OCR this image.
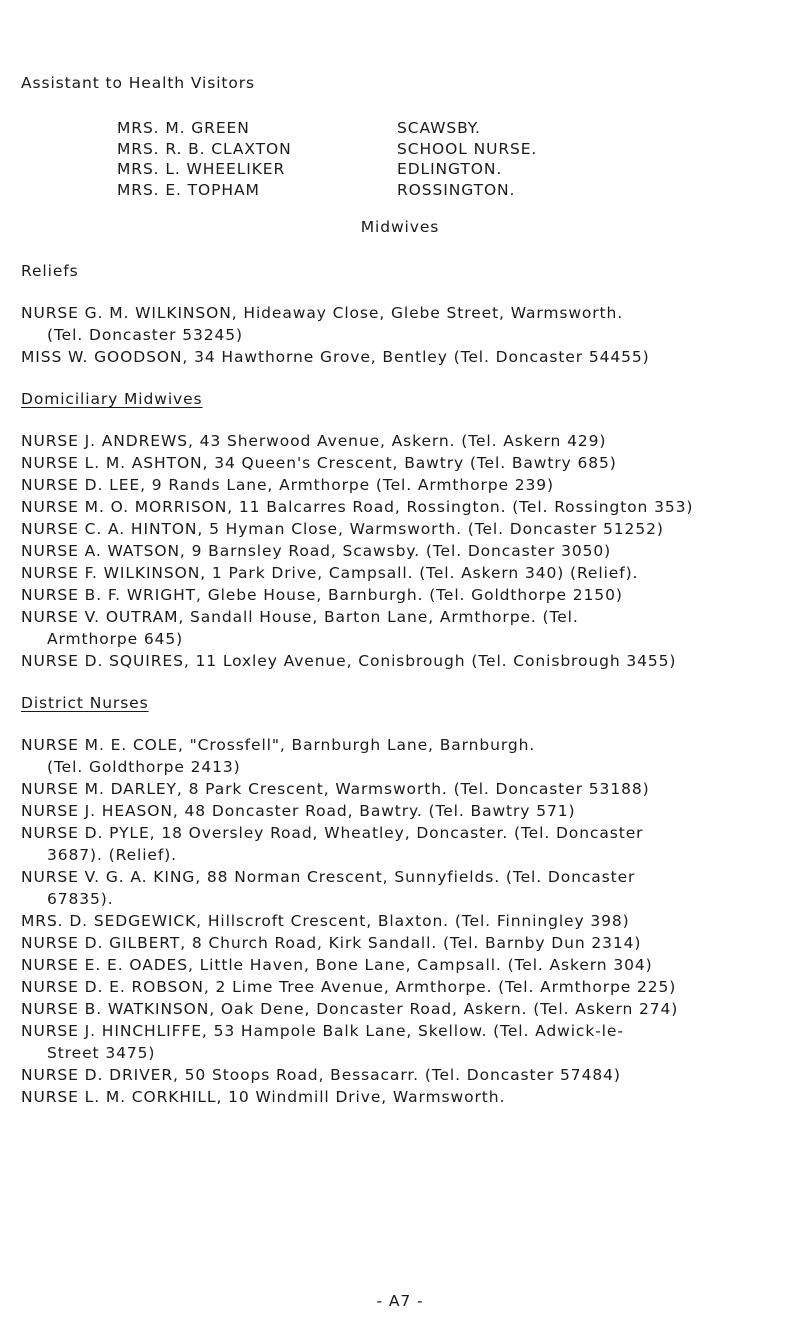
Assistant to Health Visitors
MRS. M. GREEN	SCAWSBY.
MRS. R. B. CLAXTON	SCHOOL NURSE.
MRS. L. WHEELIKER	EDLINGTON.
MRS. E. TOPHAM	ROSSINGTON.
Midwives
Reliefs
NURSE G. M. WILKINSON, Hideaway Close, Glebe Street, Warmsworth.
(Tel. Doncaster 53245)
MISS W. GOODSON, 34 Hawthorne Grove, Bentley (Tel. Doncaster 54455)
Domiciliary Midwives
NURSE J. ANDREWS, 43 Sherwood Avenue, Askern. (Tel. Askern 429)
NURSE L. M. ASHTON, 34 Queen's Crescent, Bawtry (Tel. Bawtry 685)
NURSE D. LEE, 9 Rands Lane, Armthorpe (Tel. Armthorpe 239)
NURSE M. O. MORRISON, 11 Balcarres Road, Rossington. (Tel. Rossington 353)
NURSE C. A. HINTON, 5 Hyman Close, Warmsworth. (Tel. Doncaster 51252)
NURSE A. WATSON, 9 Barnsley Road, Scawsby. (Tel. Doncaster 3050)
NURSE F. WILKINSON, 1 Park Drive, Campsall. (Tel. Askern 340) (Relief).
NURSE B. F. WRIGHT, Glebe House, Barnburgh. (Tel. Goldthorpe 2150)
NURSE V. OUTRAM, Sandall House, Barton Lane, Armthorpe. (Tel.
Armthorpe 645)
NURSE D. SQUIRES, 11 Loxley Avenue, Conisbrough (Tel. Conisbrough 3455)
District Nurses
NURSE M. E. COLE, "Crossfell", Barnburgh Lane, Barnburgh.
(Tel. Goldthorpe 2413)
NURSE M. DARLEY, 8 Park Crescent, Warmsworth. (Tel. Doncaster 53188)
NURSE J. HEASON, 48 Doncaster Road, Bawtry. (Tel. Bawtry 571)
NURSE D. PYLE, 18 Oversley Road, Wheatley, Doncaster. (Tel. Doncaster
3687). (Relief).
NURSE V. G. A. KING, 88 Norman Crescent, Sunnyfields. (Tel. Doncaster
67835).
MRS. D. SEDGEWICK, Hillscroft Crescent, Blaxton. (Tel. Finningley 398)
NURSE D. GILBERT, 8 Church Road, Kirk Sandall. (Tel. Barnby Dun 2314)
NURSE E. E. OADES, Little Haven, Bone Lane, Campsall. (Tel. Askern 304)
NURSE D. E. ROBSON, 2 Lime Tree Avenue, Armthorpe. (Tel. Armthorpe 225)
NURSE B. WATKINSON, Oak Dene, Doncaster Road, Askern. (Tel. Askern 274)
NURSE J. HINCHLIFFE, 53 Hampole Balk Lane, Skellow. (Tel. Adwick-le-
Street 3475)
NURSE D. DRIVER, 50 Stoops Road, Bessacarr. (Tel. Doncaster 57484)
NURSE L. M. CORKHILL, 10 Windmill Drive, Warmsworth.
- A7 -
